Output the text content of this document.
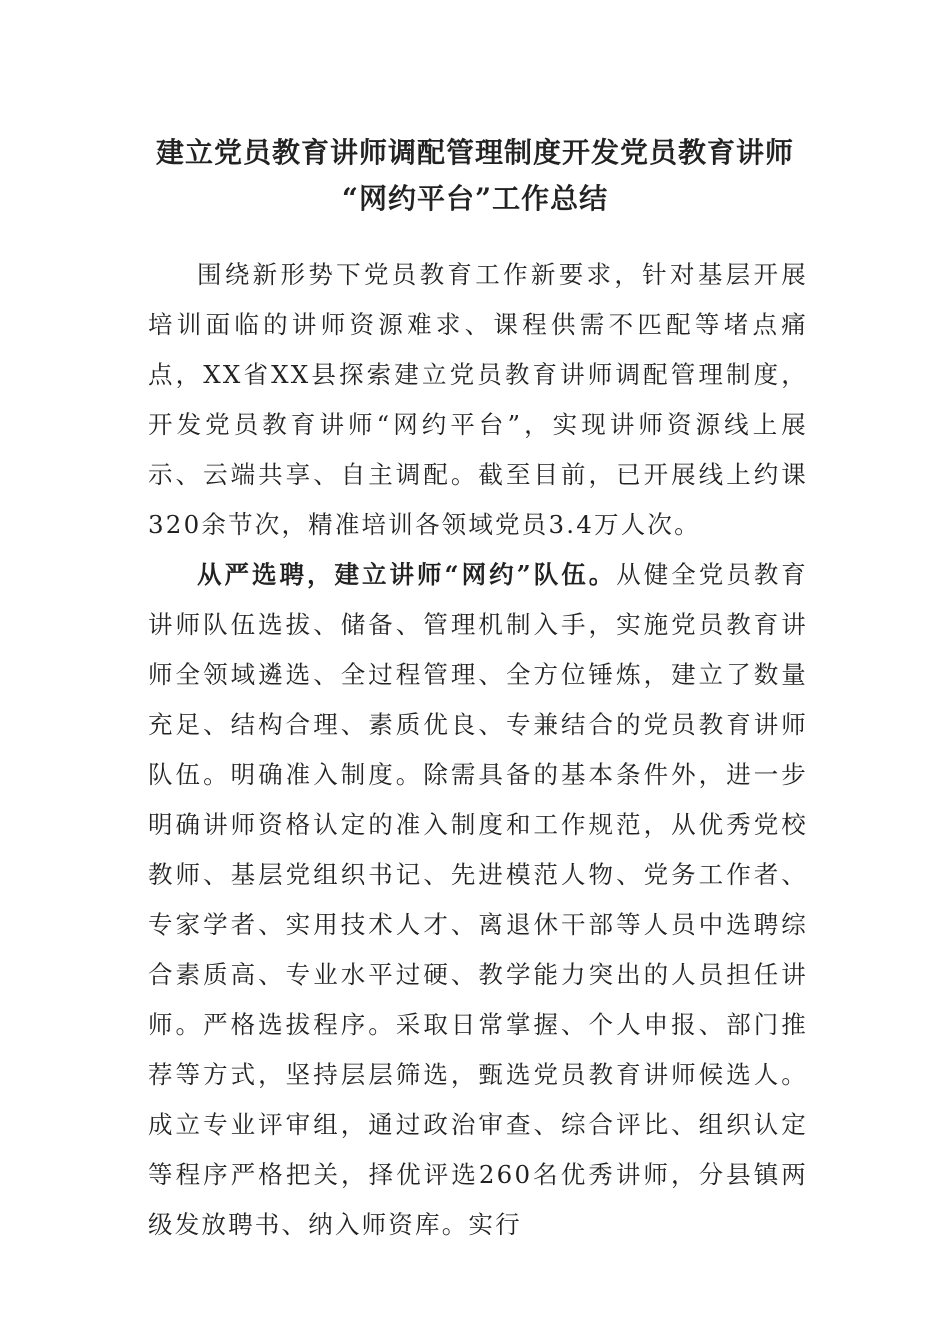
建立党员教育讲师调配管理制度开发党员教育讲师
“网约平台”工作总结

围绕新形势下党员教育工作新要求，针对基层开展培训面临的讲师资源难求、课程供需不匹配等堵点痛点，XX省XX县探索建立党员教育讲师调配管理制度，开发党员教育讲师“网约平台”，实现讲师资源线上展示、云端共享、自主调配。截至目前，已开展线上约课320余节次，精准培训各领域党员3.4万人次。

从严选聘，建立讲师“网约”队伍。从健全党员教育讲师队伍选拔、储备、管理机制入手，实施党员教育讲师全领域遴选、全过程管理、全方位锤炼，建立了数量充足、结构合理、素质优良、专兼结合的党员教育讲师队伍。明确准入制度。除需具备的基本条件外，进一步明确讲师资格认定的准入制度和工作规范，从优秀党校教师、基层党组织书记、先进模范人物、党务工作者、专家学者、实用技术人才、离退休干部等人员中选聘综合素质高、专业水平过硬、教学能力突出的人员担任讲师。严格选拔程序。采取日常掌握、个人申报、部门推荐等方式，坚持层层筛选，甄选党员教育讲师候选人。成立专业评审组，通过政治审查、综合评比、组织认定等程序严格把关，择优评选260名优秀讲师，分县镇两级发放聘书、纳入师资库。实行
